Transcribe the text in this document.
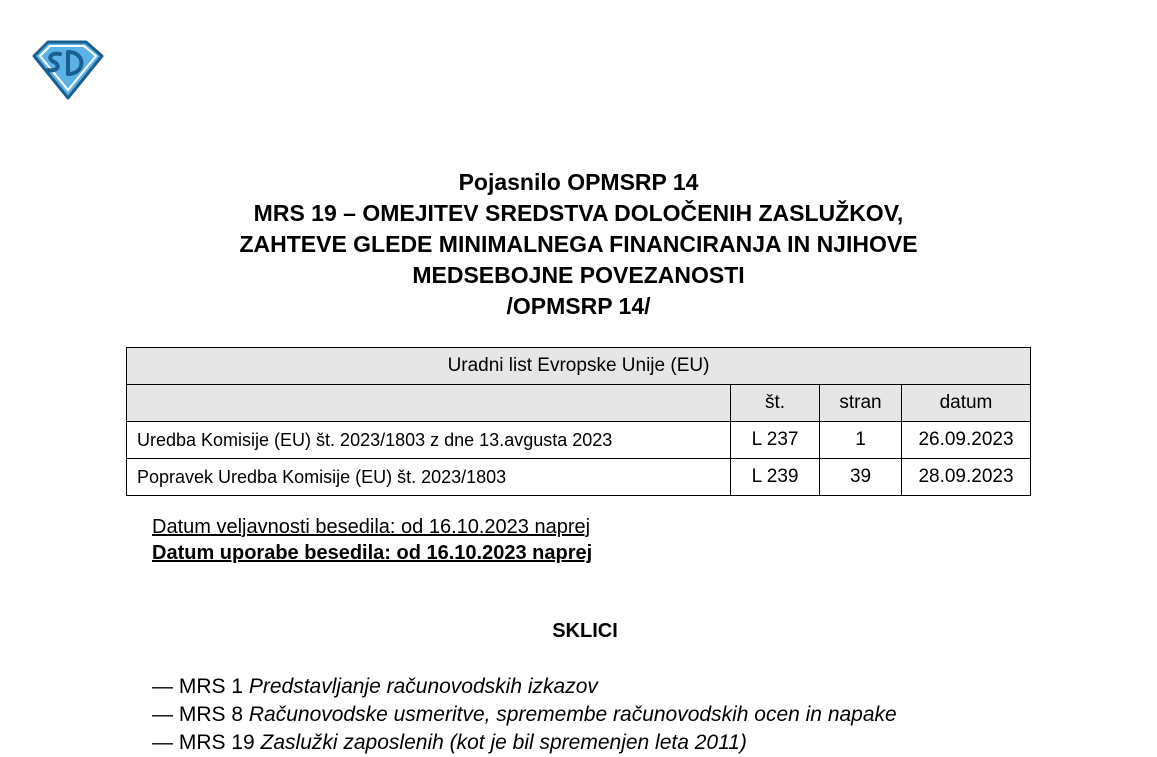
Pojasnilo OPMSRP 14
MRS 19 – OMEJITEV SREDSTVA DOLOČENIH ZASLUŽKOV,
ZAHTEVE GLEDE MINIMALNEGA FINANCIRANJA IN NJIHOVE
MEDSEBOJNE POVEZANOSTI
/OPMSRP 14/
Uradni list Evropske Unije (EU)			
	št.	stran	datum
Uredba Komisije (EU) št. 2023/1803 z dne 13.avgusta 2023	L 237	1	26.09.2023
Popravek Uredba Komisije (EU) št. 2023/1803	L 239	39	28.09.2023
Datum veljavnosti besedila: od 16.10.2023 naprej
Datum uporabe besedila: od 16.10.2023 naprej
SKLICI
— MRS 1 Predstavljanje računovodskih izkazov
— MRS 8 Računovodske usmeritve, spremembe računovodskih ocen in napake
— MRS 19 Zaslužki zaposlenih (kot je bil spremenjen leta 2011)
